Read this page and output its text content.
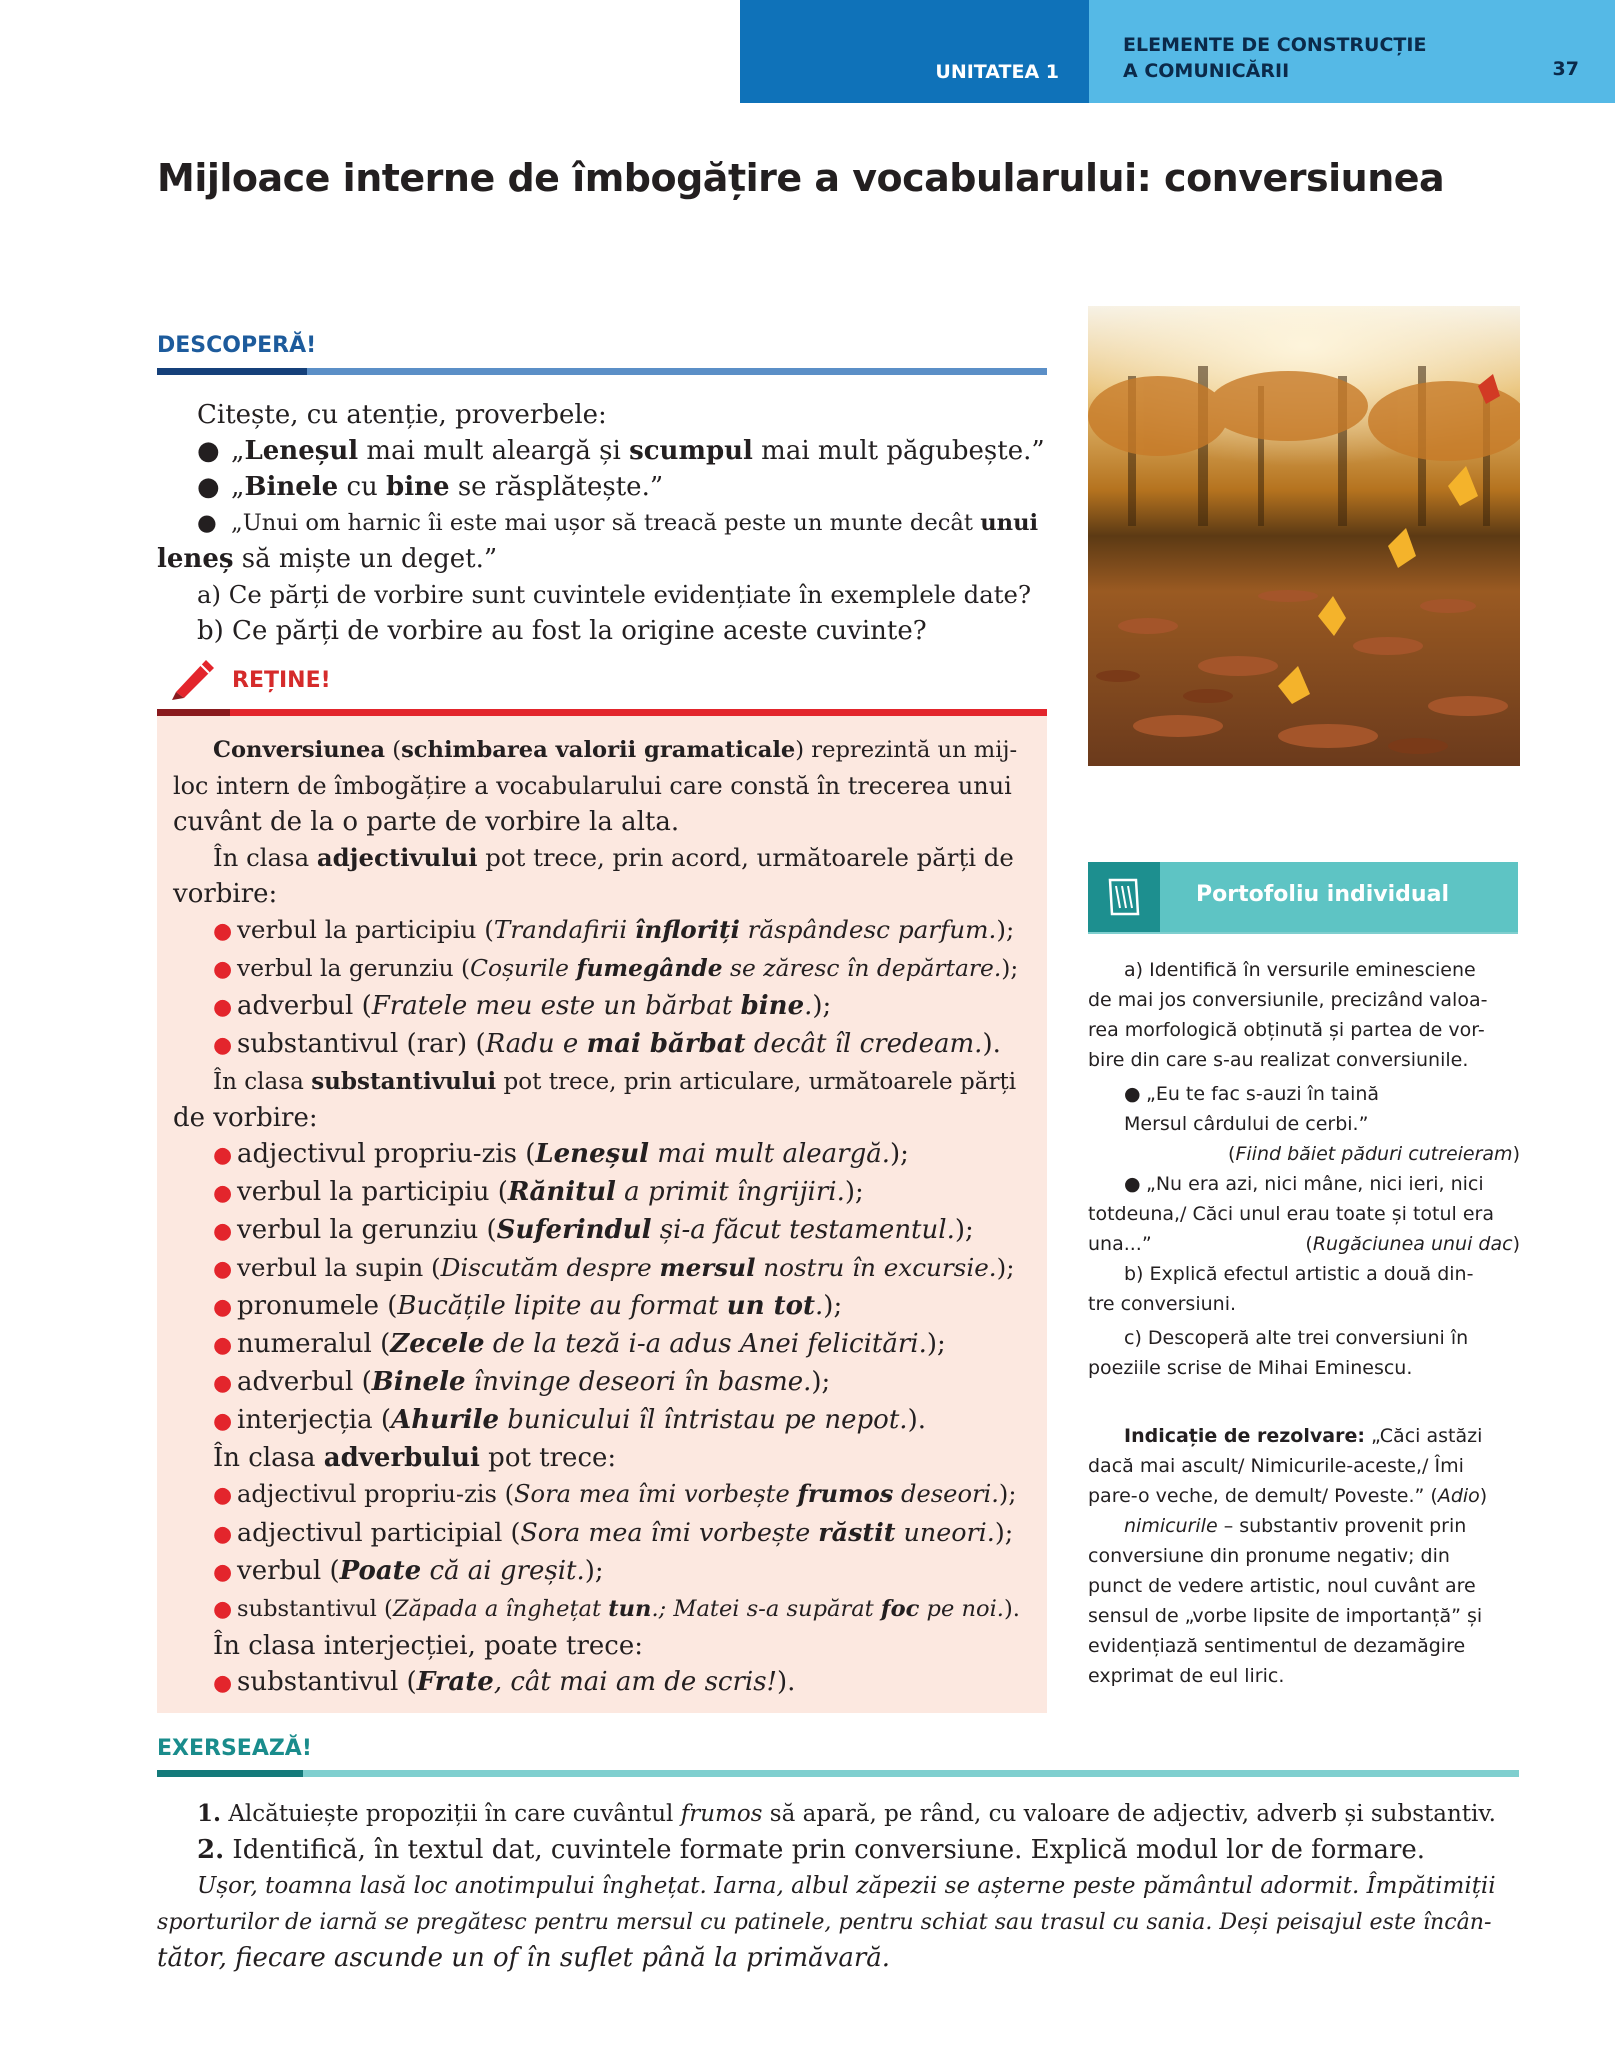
UNITATEA 1
ELEMENTE DE CONSTRUCȚIE
A COMUNICĂRII	37
Mijloace interne de îmbogățire a vocabularului: conversiunea
DESCOPERĂ!
Citește, cu atenție, proverbele:
● „Leneșul mai mult aleargă și scumpul mai mult păgubește.”
● „Binele cu bine se răsplătește.”
● „Unui om harnic îi este mai ușor să treacă peste un munte decât unui
leneș să miște un deget.”
a) Ce părți de vorbire sunt cuvintele evidențiate în exemplele date?
b) Ce părți de vorbire au fost la origine aceste cuvinte?
REȚINE!
Conversiunea (schimbarea valorii gramaticale) reprezintă un mij-
loc intern de îmbogățire a vocabularului care constă în trecerea unui
cuvânt de la o parte de vorbire la alta.
În clasa adjectivului pot trece, prin acord, următoarele părți de
vorbire:
● verbul la participiu (Trandafirii înfloriți răspândesc parfum.);
● verbul la gerunziu (Coșurile fumegânde se zăresc în depărtare.);
● adverbul (Fratele meu este un bărbat bine.);
● substantivul (rar) (Radu e mai bărbat decât îl credeam.).
În clasa substantivului pot trece, prin articulare, următoarele părți
de vorbire:
● adjectivul propriu-zis (Leneșul mai mult aleargă.);
● verbul la participiu (Rănitul a primit îngrijiri.);
● verbul la gerunziu (Suferindul și-a făcut testamentul.);
● verbul la supin (Discutăm despre mersul nostru în excursie.);
● pronumele (Bucățile lipite au format un tot.);
● numeralul (Zecele de la teză i-a adus Anei felicitări.);
● adverbul (Binele învinge deseori în basme.);
● interjecția (Ahurile bunicului îl întristau pe nepot.).
În clasa adverbului pot trece:
● adjectivul propriu-zis (Sora mea îmi vorbește frumos deseori.);
● adjectivul participial (Sora mea îmi vorbește răstit uneori.);
● verbul (Poate că ai greșit.);
● substantivul (Zăpada a înghețat tun.; Matei s-a supărat foc pe noi.).
În clasa interjecției, poate trece:
● substantivul (Frate, cât mai am de scris!).
Portofoliu individual
a) Identifică în versurile eminesciene
de mai jos conversiunile, precizând valoa-
rea morfologică obținută și partea de vor-
bire din care s-au realizat conversiunile.
● „Eu te fac s-auzi în taină
Mersul cârdului de cerbi.”
(Fiind băiet păduri cutreieram)
● „Nu era azi, nici mâne, nici ieri, nici
totdeuna,/ Căci unul erau toate și totul era
una...”	(Rugăciunea unui dac)
b) Explică efectul artistic a două din-
tre conversiuni.
c) Descoperă alte trei conversiuni în
poeziile scrise de Mihai Eminescu.
Indicație de rezolvare: „Căci astăzi
dacă mai ascult/ Nimicurile-aceste,/ Îmi
pare-o veche, de demult/ Poveste.” (Adio)
nimicurile – substantiv provenit prin
conversiune din pronume negativ; din
punct de vedere artistic, noul cuvânt are
sensul de „vorbe lipsite de importanță” și
evidențiază sentimentul de dezamăgire
exprimat de eul liric.
EXERSEAZĂ!
1. Alcătuiește propoziții în care cuvântul frumos să apară, pe rând, cu valoare de adjectiv, adverb și substantiv.
2. Identifică, în textul dat, cuvintele formate prin conversiune. Explică modul lor de formare.
Ușor, toamna lasă loc anotimpului înghețat. Iarna, albul zăpezii se așterne peste pământul adormit. Împătimiții
sporturilor de iarnă se pregătesc pentru mersul cu patinele, pentru schiat sau trasul cu sania. Deși peisajul este încân-
tător, fiecare ascunde un of în suflet până la primăvară.
